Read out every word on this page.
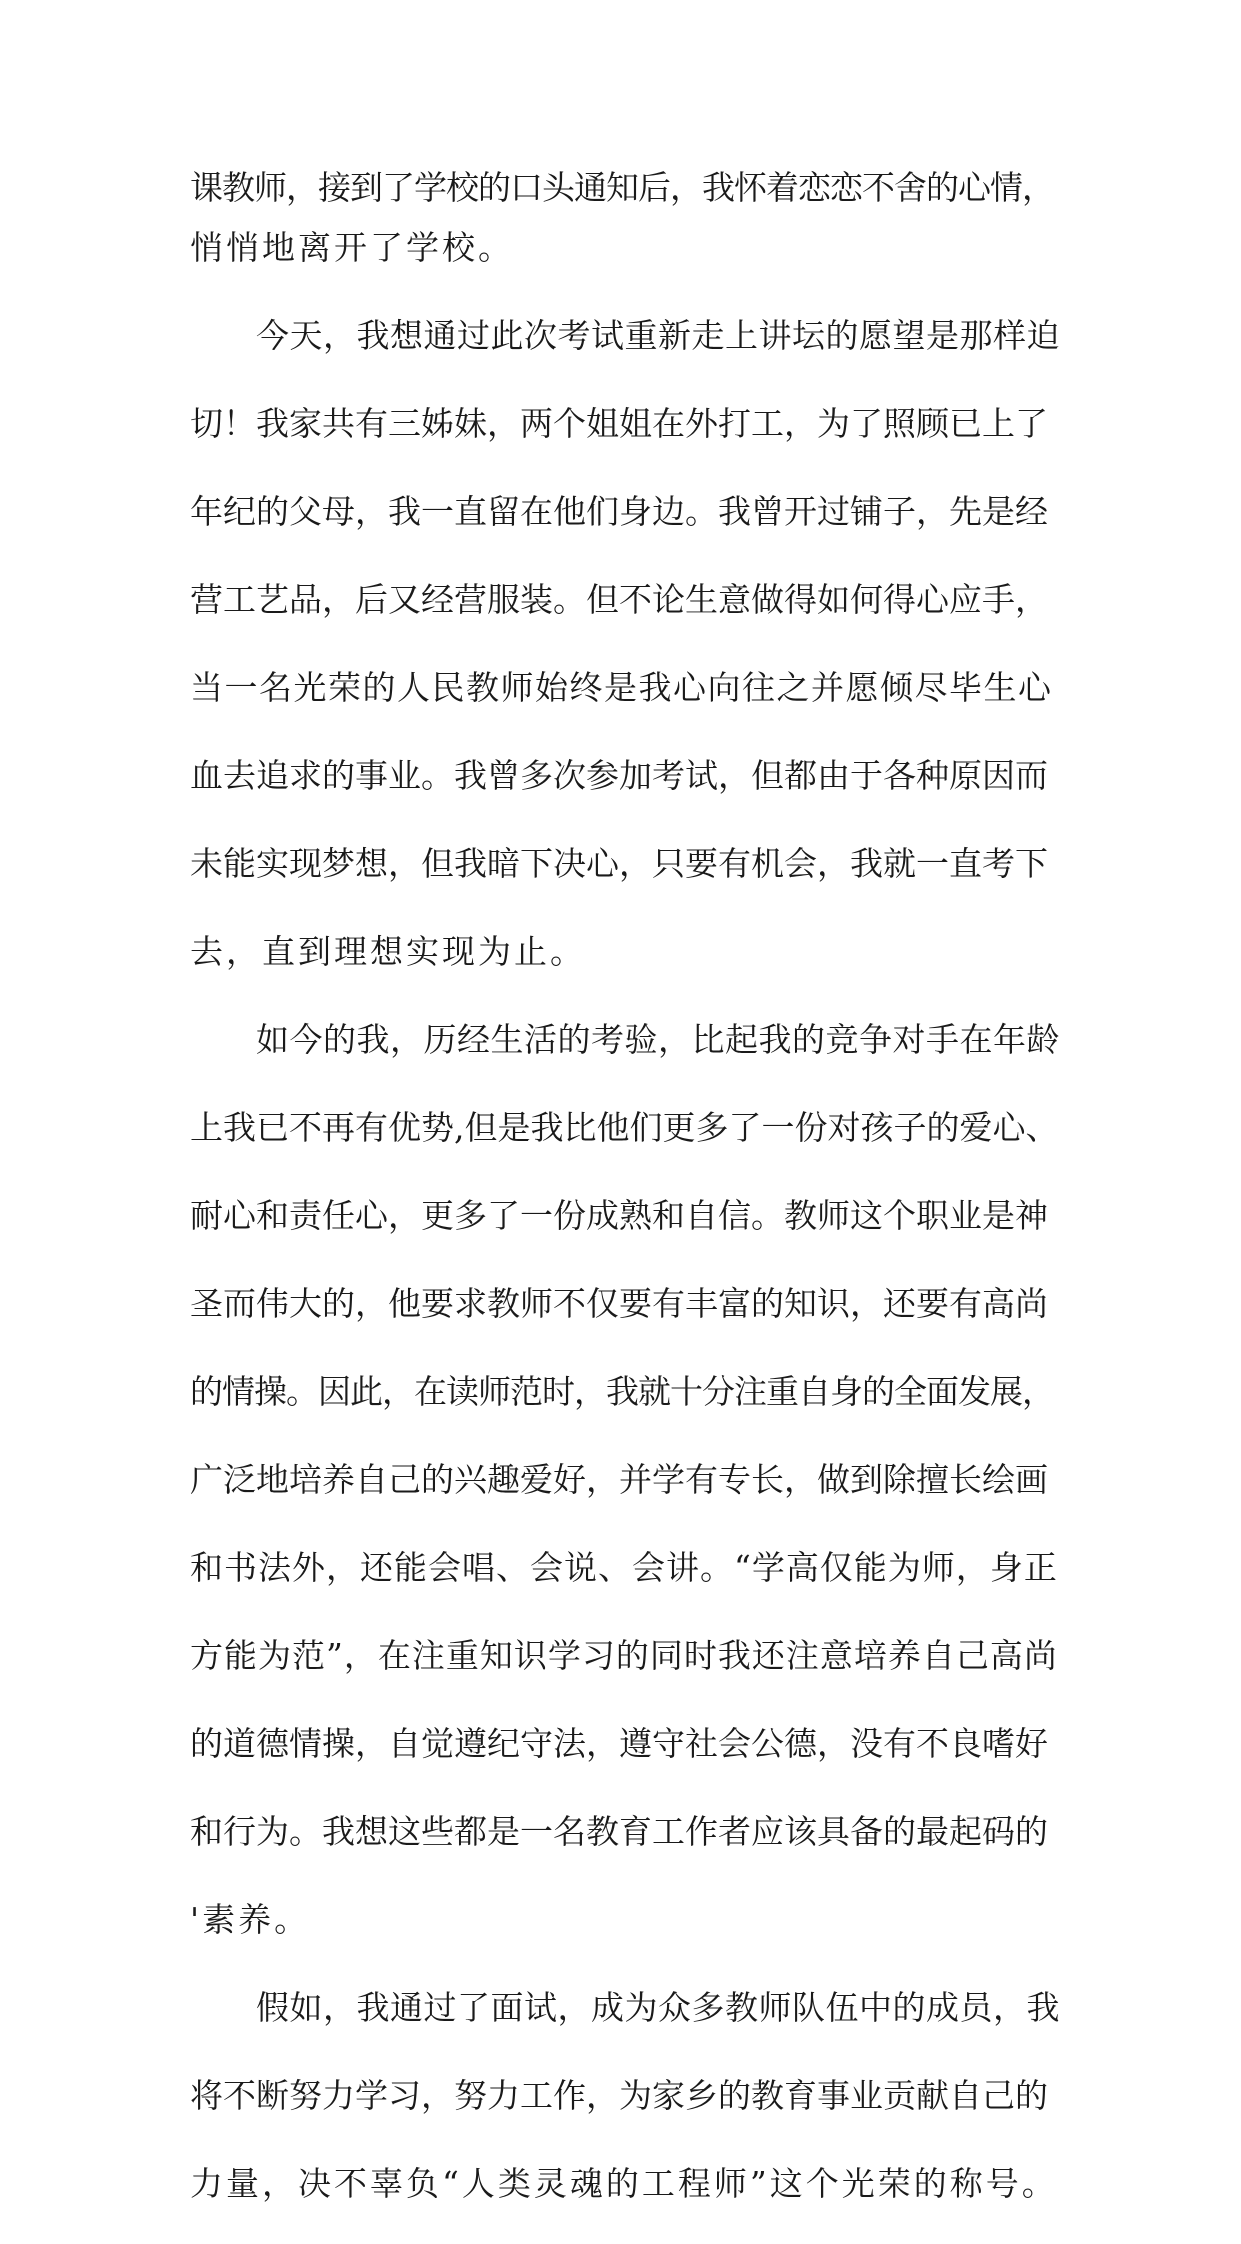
课教师，接到了学校的口头通知后，我怀着恋恋不舍的心情，
悄悄地离开了学校。
今天，我想通过此次考试重新走上讲坛的愿望是那样迫
切！我家共有三姊妹，两个姐姐在外打工，为了照顾已上了
年纪的父母，我一直留在他们身边。我曾开过铺子，先是经
营工艺品，后又经营服装。但不论生意做得如何得心应手，
当一名光荣的人民教师始终是我心向往之并愿倾尽毕生心
血去追求的事业。我曾多次参加考试，但都由于各种原因而
未能实现梦想，但我暗下决心，只要有机会，我就一直考下
去，直到理想实现为止。
如今的我，历经生活的考验，比起我的竞争对手在年龄
上我已不再有优势,但是我比他们更多了一份对孩子的爱心、
耐心和责任心，更多了一份成熟和自信。教师这个职业是神
圣而伟大的，他要求教师不仅要有丰富的知识，还要有高尚
的情操。因此，在读师范时，我就十分注重自身的全面发展，
广泛地培养自己的兴趣爱好，并学有专长，做到除擅长绘画
和书法外，还能会唱、会说、会讲。“学高仅能为师，身正
方能为范”，在注重知识学习的同时我还注意培养自己高尚
的道德情操，自觉遵纪守法，遵守社会公德，没有不良嗜好
和行为。我想这些都是一名教育工作者应该具备的最起码的
'素养。
假如，我通过了面试，成为众多教师队伍中的成员，我
将不断努力学习，努力工作，为家乡的教育事业贡献自己的
力量，决不辜负“人类灵魂的工程师”这个光荣的称号。
